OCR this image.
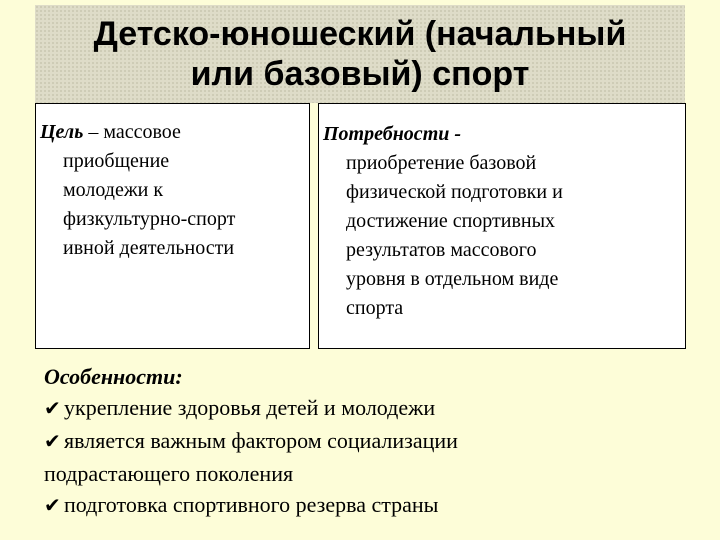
Детско-юношеский (начальный
или базовый) спорт
Цель – массовое
приобщение
молодежи к
физкультурно-спорт
ивной деятельности
Потребности -
приобретение базовой
физической подготовки и
достижение спортивных
результатов массового
уровня в отдельном виде
спорта
Особенности:
✔ укрепление здоровья детей и молодежи
✔ является важным фактором социализации
подрастающего поколения
✔ подготовка спортивного резерва страны
